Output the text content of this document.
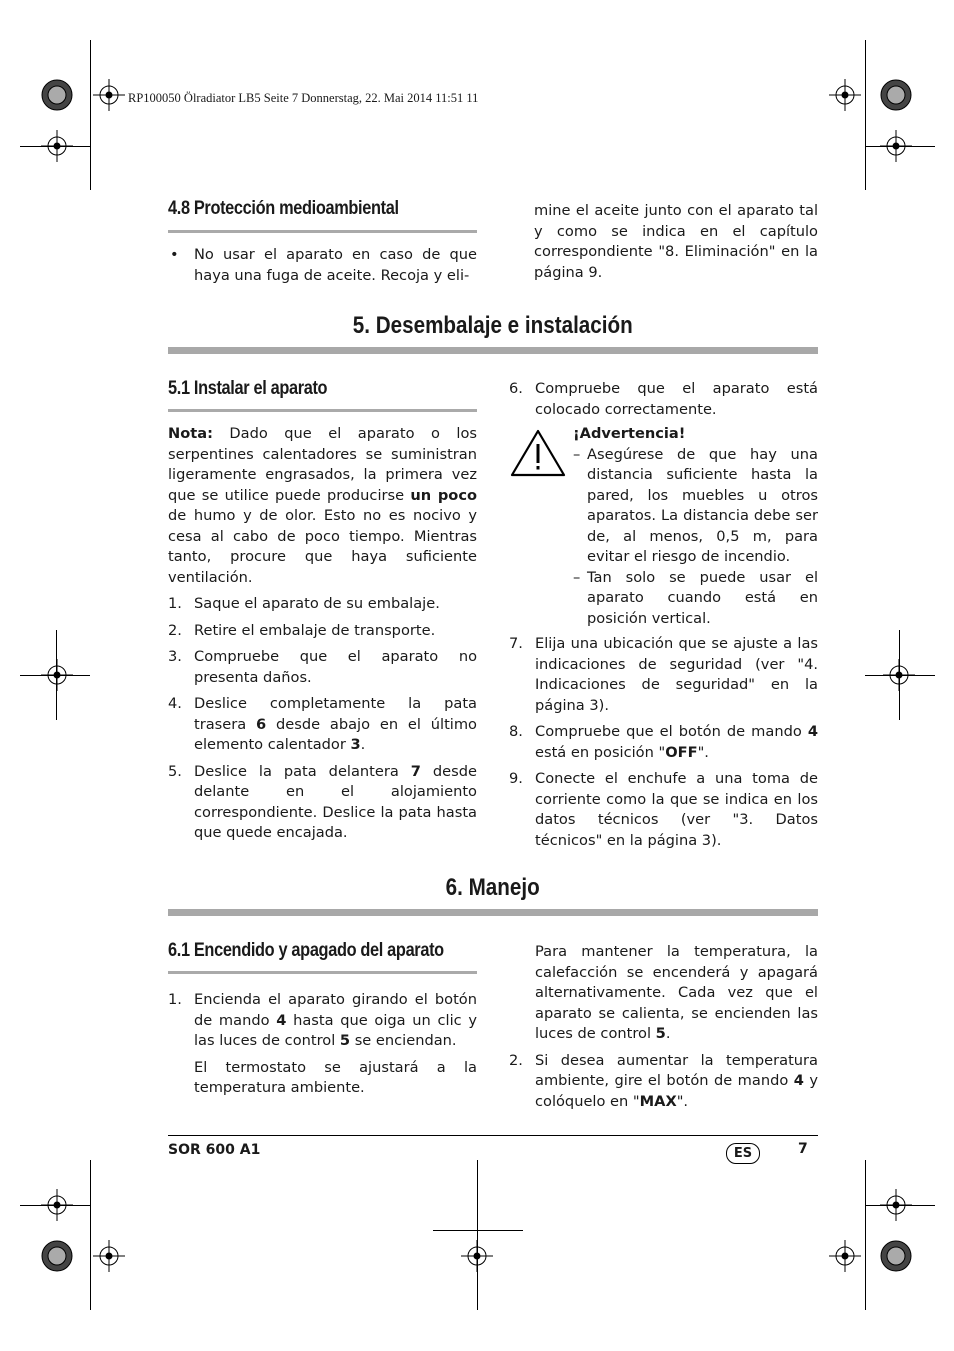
RP100050 Ölradiator LB5 Seite 7 Donnerstag, 22. Mai 2014 11:51 11
4.8 Protección medioambiental

• No usar el aparato en caso de que haya una fuga de aceite. Recoja y eli-

mine el aceite junto con el aparato tal y como se indica en el capítulo correspondiente "8. Eliminación" en la página 9.

5. Desembalaje e instalación
5.1 Instalar el aparato

Nota: Dado que el aparato o los serpentines calentadores se suministran ligeramente engrasados, la primera vez que se utilice puede producirse un poco de humo y de olor. Esto no es nocivo y cesa al cabo de poco tiempo. Mientras tanto, procure que haya suficiente ventilación.

1. Saque el aparato de su embalaje.
2. Retire el embalaje de transporte.
3. Compruebe que el aparato no presenta daños.
4. Deslice completamente la pata trasera 6 desde abajo en el último elemento calentador 3.
5. Deslice la pata delantera 7 desde delante en el alojamiento correspondiente. Deslice la pata hasta que quede encajada.
6. Compruebe que el aparato está colocado correctamente.

¡Advertencia!

– Asegúrese de que hay una distancia suficiente hasta la pared, los muebles u otros aparatos. La distancia debe ser de, al menos, 0,5 m, para evitar el riesgo de incendio.

– Tan solo se puede usar el aparato cuando está en posición vertical.

7. Elija una ubicación que se ajuste a las indicaciones de seguridad (ver "4. Indicaciones de seguridad" en la página 3).
8. Compruebe que el botón de mando 4 está en posición "OFF".
9. Conecte el enchufe a una toma de corriente como la que se indica en los datos técnicos (ver "3. Datos técnicos" en la página 3).
6. Manejo
6.1 Encendido y apagado del aparato
1. Encienda el aparato girando el botón de mando 4 hasta que oiga un clic y las luces de control 5 se enciendan.

El termostato se ajustará a la temperatura ambiente.

Para mantener la temperatura, la calefacción se encenderá y apagará alternativamente. Cada vez que el aparato se calienta, se encienden las luces de control 5.

2. Si desea aumentar la temperatura ambiente, gire el botón de mando 4 y colóquelo en "MAX".
SOR 600 A1	ES	7
